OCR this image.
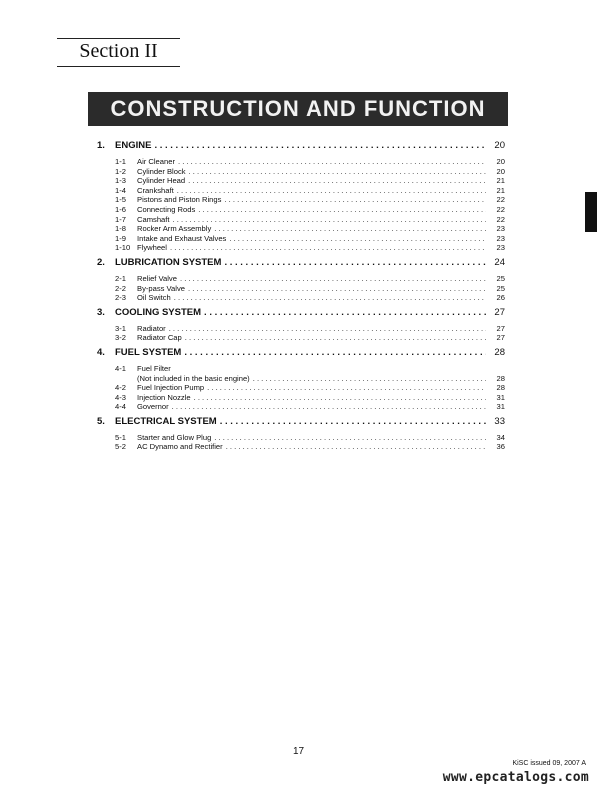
Section II
CONSTRUCTION AND FUNCTION
1.	ENGINE . . .	20
1-1	Air Cleaner . . .	20
1-2	Cylinder Block . . .	20
1-3	Cylinder Head . . .	21
1-4	Crankshaft . . .	21
1-5	Pistons and Piston Rings . . .	22
1-6	Connecting Rods . . .	22
1-7	Camshaft . . .	22
1-8	Rocker Arm Assembly . . .	23
1-9	Intake and Exhaust Valves . . .	23
1-10 Flywheel . . .	23
2.	LUBRICATION SYSTEM . . .	24
2-1	Relief Valve . . .	25
2-2	By-pass Valve . . .	25
2-3	Oil Switch . . .	26
3.	COOLING SYSTEM . . .	27
3-1	Radiator . . .	27
3-2	Radiator Cap . . .	27
4.	FUEL SYSTEM . . .	28
4-1	Fuel Filter
(Not included in the basic engine) . . .	28
4-2	Fuel Injection Pump . . .	28
4-3	Injection Nozzle . . .	31
4-4	Governor . . .	31
5.	ELECTRICAL SYSTEM . . .	33
5-1	Starter and Glow Plug . . .	34
5-2	AC Dynamo and Rectifier . . .	36
17
KiSC issued 09, 2007 A
www.epcatalogs.com
